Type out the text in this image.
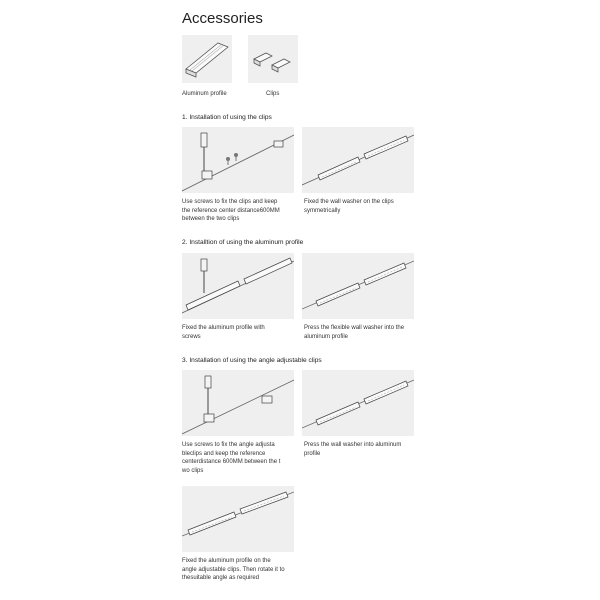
Accessories
Aluminum profile	Clips
1. Installation of using the clips
Use screws to fix the clips and keep
the reference center distance600MM
between the two clips
Fixed the wall washer on the clips
symmetrically
2. Installtion of using the aluminum profile
Fixed the aluminum profile with
screws
Press the flexible wall washer into the
aluminum profile
3. Installation of using the angle adjustable clips
Use screws to fix the angle adjusta
bleclips and keep the reference
centerdistance 600MM between the t
wo clips
Press the wall washer into aluminum
profile
Fixed the aluminum profile on the
angle adjustable clips. Then rotate it to
thesuitable angle as required
